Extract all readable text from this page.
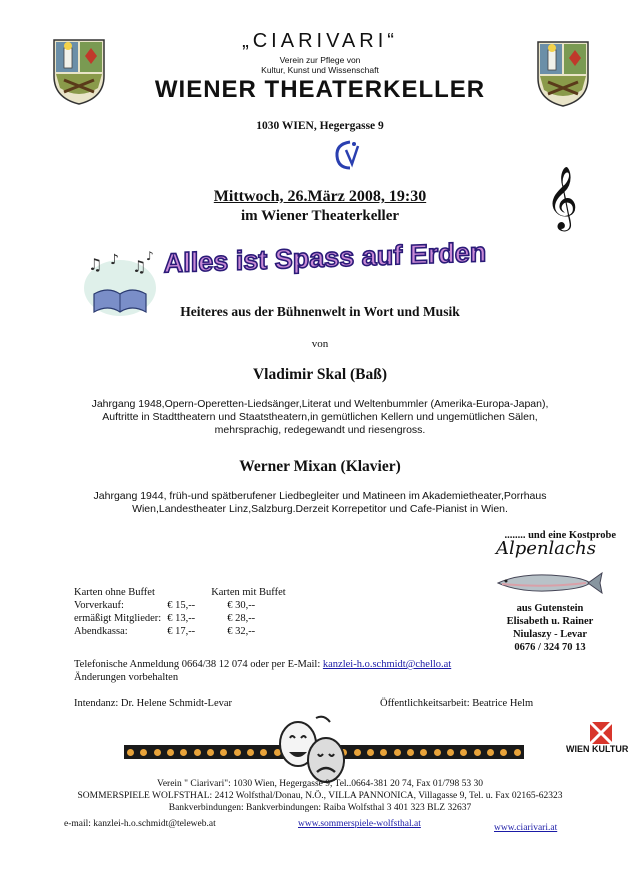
„CIARIVARI“
Verein zur Pflege von
Kultur, Kunst und Wissenschaft
WIENER THEATERKELLER
1030 WIEN, Hegergasse 9
𝄞
Mittwoch, 26.März 2008, 19:30
im Wiener Theaterkeller
♫ ♪ ♫
♪ Alles ist Spass auf Erden
Heiteres aus der Bühnenwelt in Wort und Musik
von
Vladimir Skal (Baß)
Jahrgang 1948,Opern-Operetten-Liedsänger,Literat und Weltenbummler (Amerika-Europa-Japan),
Auftritte in Stadttheatern und Staatstheatern,in gemütlichen Kellern und ungemütlichen Sälen,
mehrsprachig, redegewandt und riesengross.
Werner Mixan (Klavier)
Jahrgang 1944, früh-und spätberufener Liedbegleiter und Matineen im Akademietheater,Porrhaus
Wien,Landestheater Linz,Salzburg.Derzeit Korrepetitor und Cafe-Pianist in Wien.
........ und eine Kostprobe
Alpenlachs
aus Gutenstein
Elisabeth u. Rainer
Niulaszy - Levar
0676 / 324 70 13
Karten ohne Buffet		Karten mit Buffet
Vorverkauf:	€ 15,--	€ 30,--
ermäßigt Mitglieder:	€ 13,--	€ 28,--
Abendkassa:	€ 17,--	€ 32,--
Telefonische Anmeldung 0664/38 12 074 oder per E-Mail: kanzlei-h.o.schmidt@chello.at
Änderungen vorbehalten
Intendanz: Dr. Helene Schmidt-Levar	Öffentlichkeitsarbeit: Beatrice Helm
WIEN KULTUR
Verein " Ciarivari": 1030 Wien, Hegergasse 9, Tel..0664-381 20 74, Fax 01/798 53 30
SOMMERSPIELE WOLFSTHAL: 2412 Wolfsthal/Donau, N.Ö., VILLA PANNONICA, Villagasse 9, Tel. u. Fax 02165-62323
Bankverbindungen: Bankverbindungen: Raiba Wolfsthal 3 401 323 BLZ 32637
e-mail: kanzlei-h.o.schmidt@teleweb.at	www.sommerspiele-wolfsthal.at	www.ciarivari.at
